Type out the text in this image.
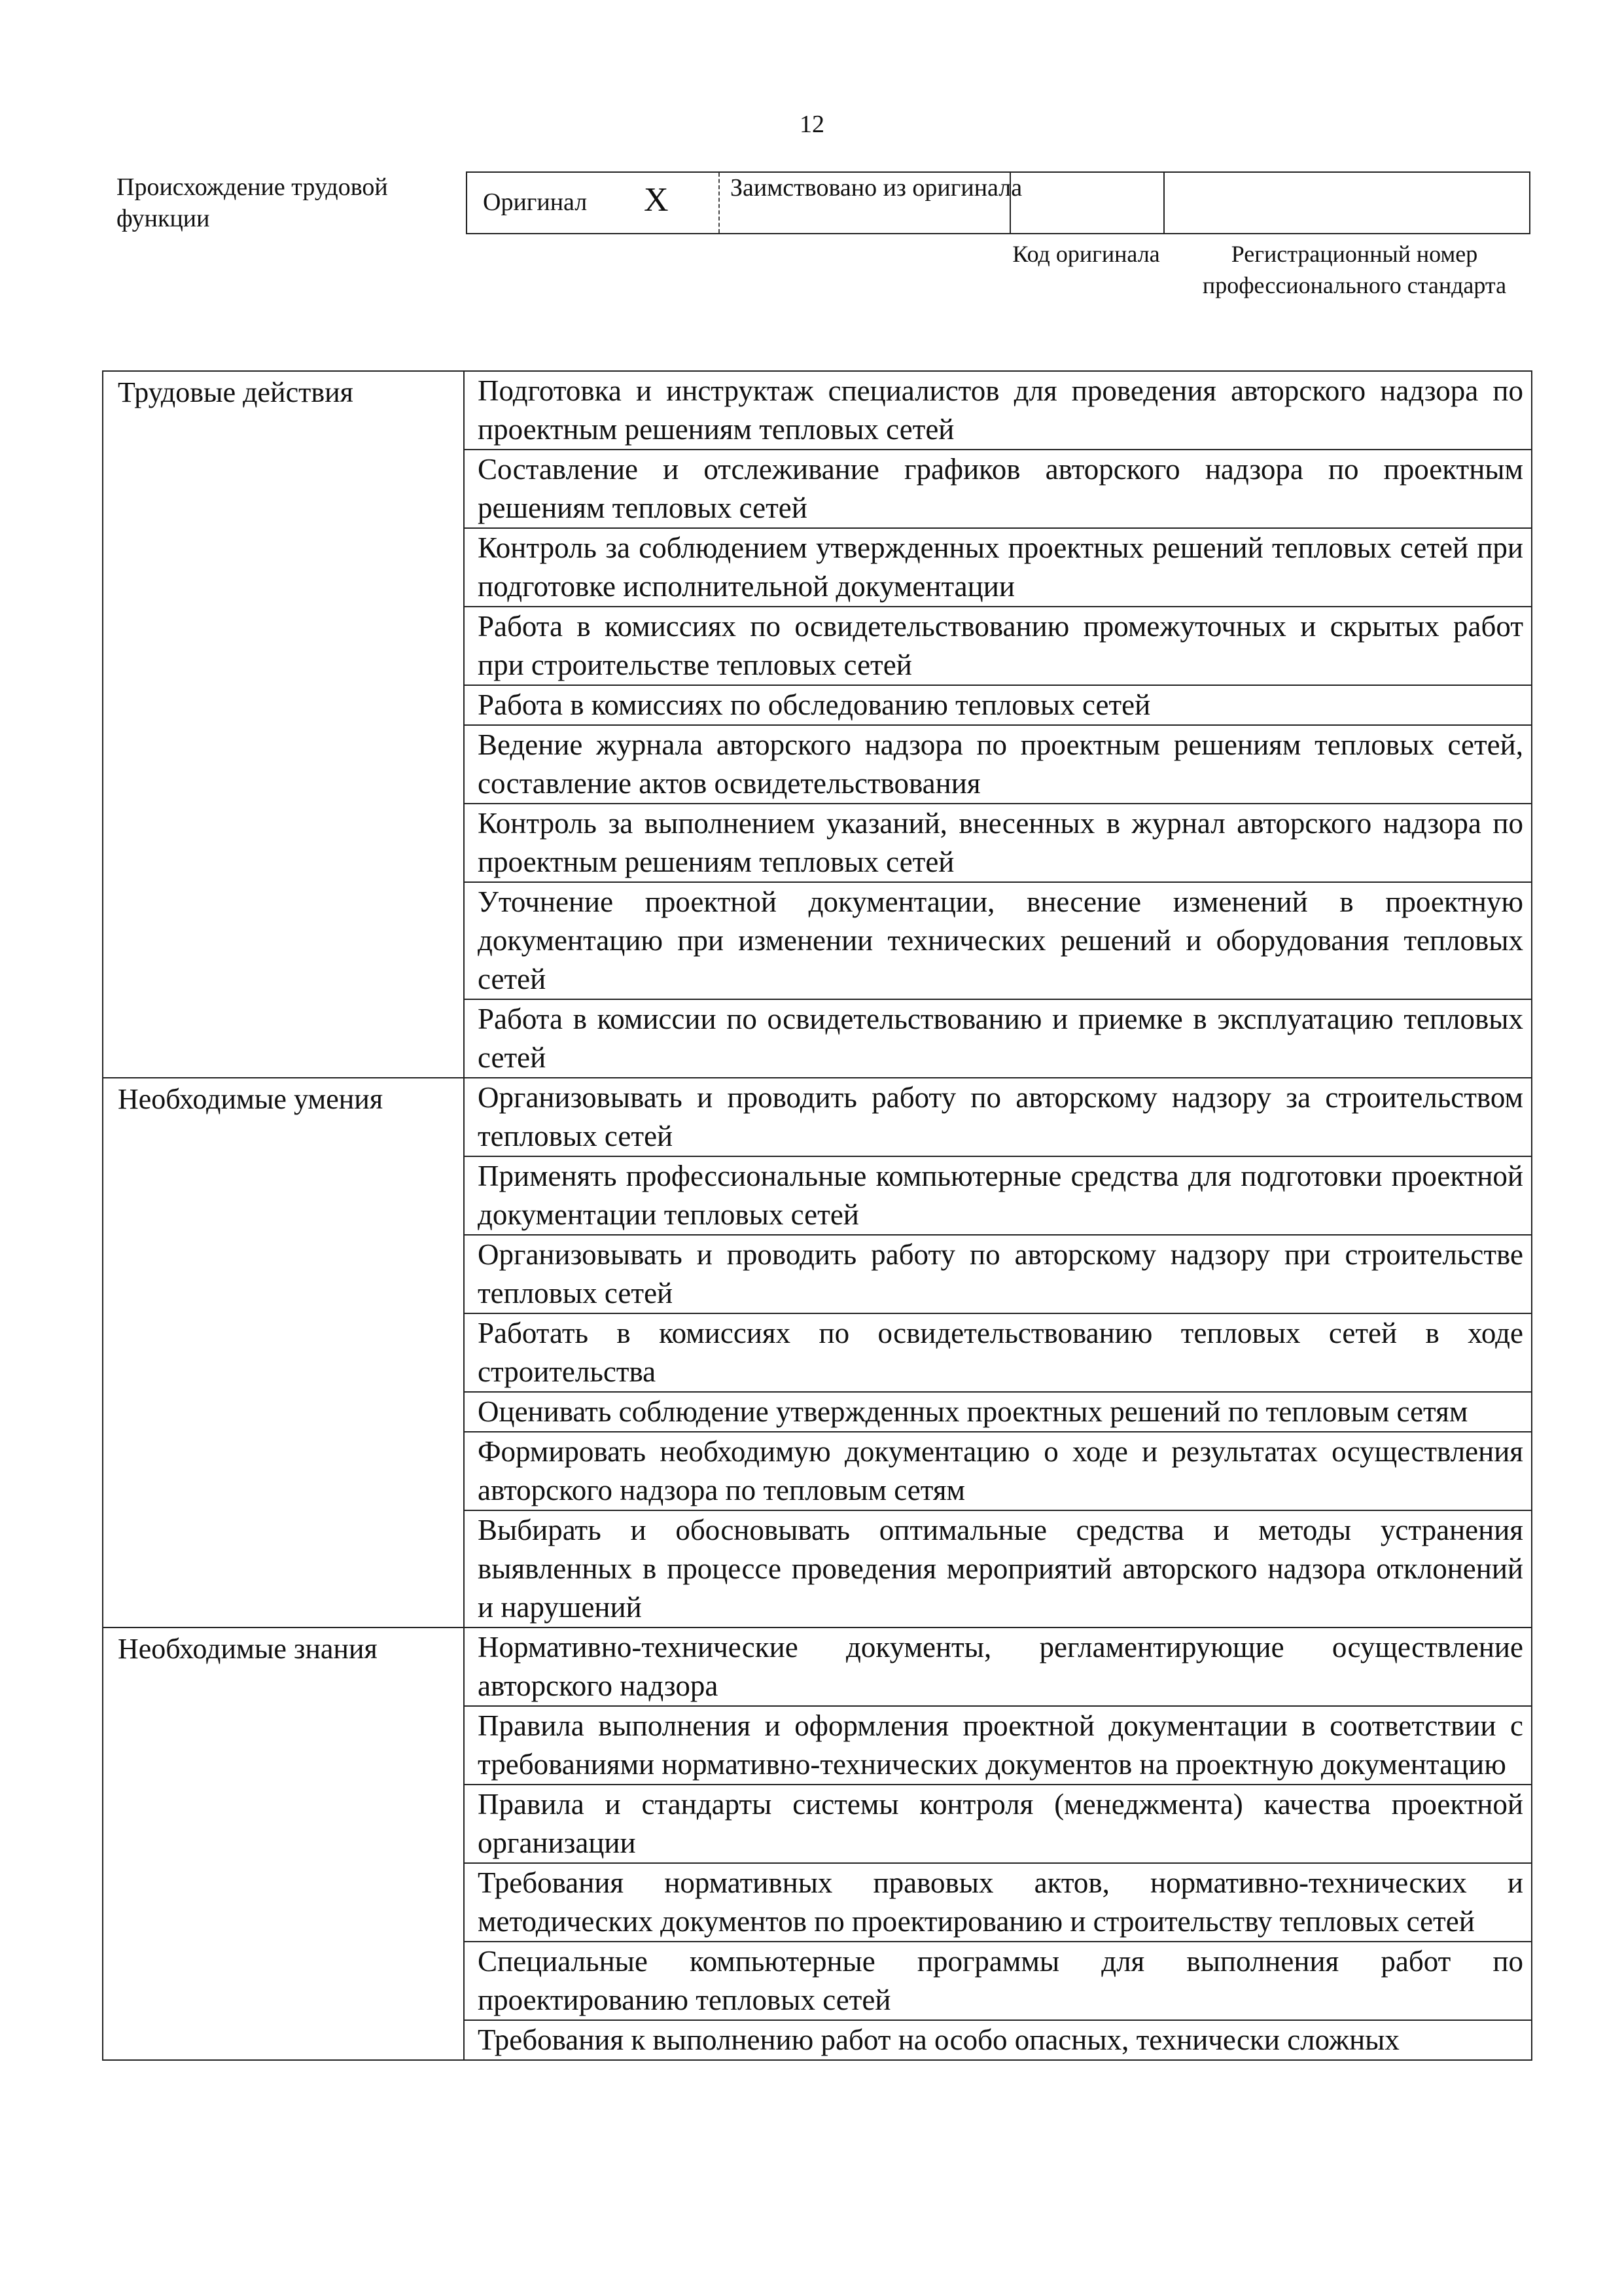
12
Происхождение трудовой функции
Оригинал X Заимствовано из оригинала
Код оригинала	Регистрационный номер профессионального стандарта
Трудовые действия	Подготовка и инструктаж специалистов для проведения авторского надзора по проектным решениям тепловых сетей
	Составление и отслеживание графиков авторского надзора по проектным решениям тепловых сетей
	Контроль за соблюдением утвержденных проектных решений тепловых сетей при подготовке исполнительной документации
	Работа в комиссиях по освидетельствованию промежуточных и скрытых работ при строительстве тепловых сетей
	Работа в комиссиях по обследованию тепловых сетей
	Ведение журнала авторского надзора по проектным решениям тепловых сетей, составление актов освидетельствования
	Контроль за выполнением указаний, внесенных в журнал авторского надзора по проектным решениям тепловых сетей
	Уточнение проектной документации, внесение изменений в проектную документацию при изменении технических решений и оборудования тепловых сетей
	Работа в комиссии по освидетельствованию и приемке в эксплуатацию тепловых сетей
Необходимые умения	Организовывать и проводить работу по авторскому надзору за строительством тепловых сетей
	Применять профессиональные компьютерные средства для подготовки проектной документации тепловых сетей
	Организовывать и проводить работу по авторскому надзору при строительстве тепловых сетей
	Работать в комиссиях по освидетельствованию тепловых сетей в ходе строительства
	Оценивать соблюдение утвержденных проектных решений по тепловым сетям
	Формировать необходимую документацию о ходе и результатах осуществления авторского надзора по тепловым сетям
	Выбирать и обосновывать оптимальные средства и методы устранения выявленных в процессе проведения мероприятий авторского надзора отклонений и нарушений
Необходимые знания	Нормативно-технические документы, регламентирующие осуществление авторского надзора
	Правила выполнения и оформления проектной документации в соответствии с требованиями нормативно-технических документов на проектную документацию
	Правила и стандарты системы контроля (менеджмента) качества проектной организации
	Требования нормативных правовых актов, нормативно-технических и методических документов по проектированию и строительству тепловых сетей
	Специальные компьютерные программы для выполнения работ по проектированию тепловых сетей
	Требования к выполнению работ на особо опасных, технически сложных
